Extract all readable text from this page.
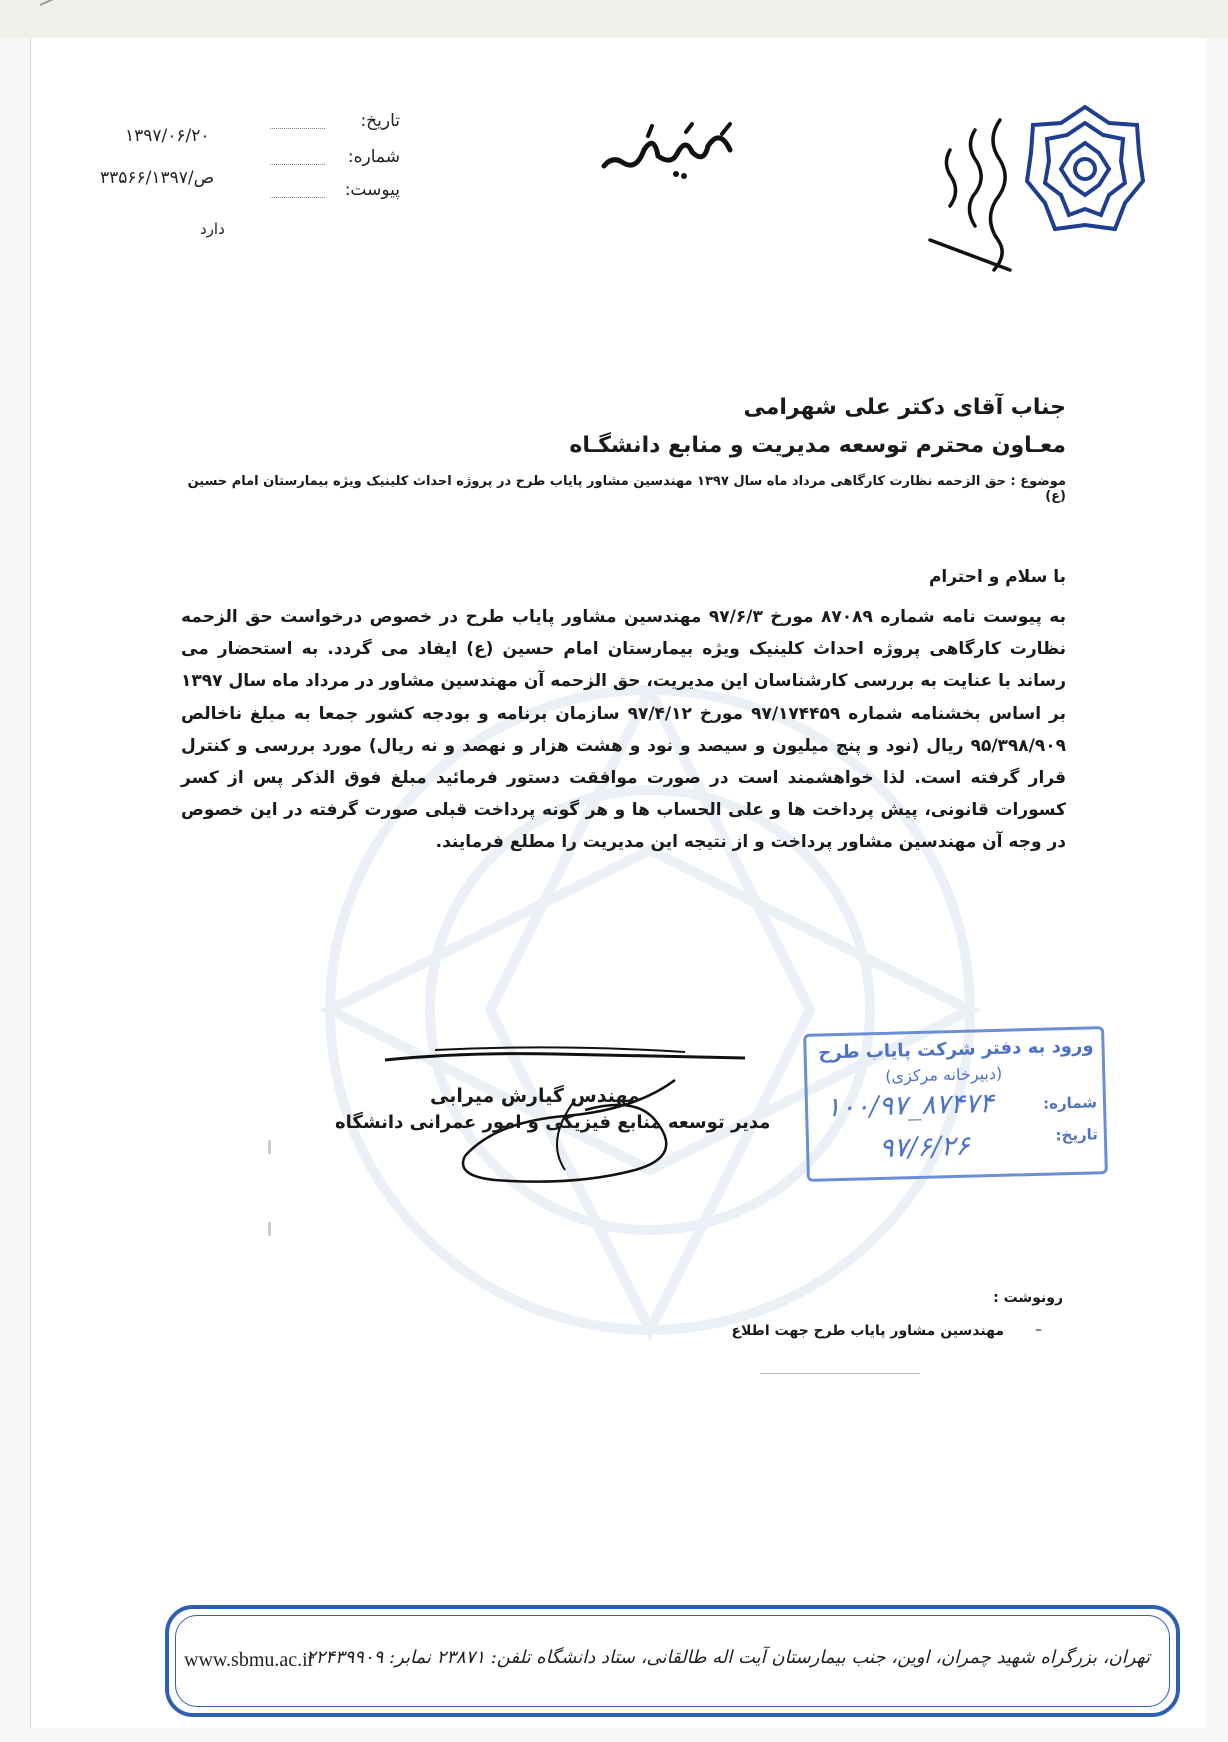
تاریخ:
۱۳۹۷/۰۶/۲۰
شماره:
۳۳۵۶۶/ص/۱۳۹۷
پیوست:
دارد
جناب آقای دکتر علی شهرامی
معـاون محترم توسعه مدیریت و منابع دانشگـاه
موضوع : حق الزحمه نظارت کارگاهی مرداد ماه سال ۱۳۹۷ مهندسین مشاور پایاب طرح در پروژه احداث کلینیک ویژه بیمارستان امام حسین (ع)
با سلام و احترام
به پیوست نامه شماره ۸۷۰۸۹ مورخ ۹۷/۶/۳ مهندسین مشاور پایاب طرح در خصوص درخواست حق الزحمه نظارت کارگاهی پروژه احداث کلینیک ویژه بیمارستان امام حسین (ع) ایفاد می گردد. به استحضار می رساند با عنایت به بررسی کارشناسان این مدیریت، حق الزحمه آن مهندسین مشاور در مرداد ماه سال ۱۳۹۷ بر اساس بخشنامه شماره ۹۷/۱۷۴۴۵۹ مورخ ۹۷/۴/۱۲ سازمان برنامه و بودجه کشور جمعا به مبلغ ناخالص ۹۵/۳۹۸/۹۰۹ ریال (نود و پنج میلیون و سیصد و نود و هشت هزار و نهصد و نه ریال) مورد بررسی و کنترل قرار گرفته است. لذا خواهشمند است در صورت موافقت دستور فرمائید مبلغ فوق الذکر پس از کسر کسورات قانونی، پیش پرداخت ها و علی الحساب ها و هر گونه پرداخت قبلی صورت گرفته در این خصوص در وجه آن مهندسین مشاور پرداخت و از نتیجه این مدیریت را مطلع فرمایند.
مهندس گیارش میرابی
مدیر توسعه منابع فیزیکی و امور عمرانی دانشگاه
ورود به دفتر شرکت پایاب طرح
(دبیرخانه مرکزی)
شماره:
تاریخ:
۱۰۰/۹۷_۸۷۴۷۴
۹۷/۶/۲۶
رونوشت :
–
مهندسین مشاور پایاب طرح جهت اطلاع
تهران، بزرگراه شهید چمران، اوین، جنب بیمارستان آیت اله طالقانی، ستاد دانشگاه تلفن: ۲۳۸۷۱ نمابر: ۲۲۴۳۹۹۰۹
www.sbmu.ac.ir
